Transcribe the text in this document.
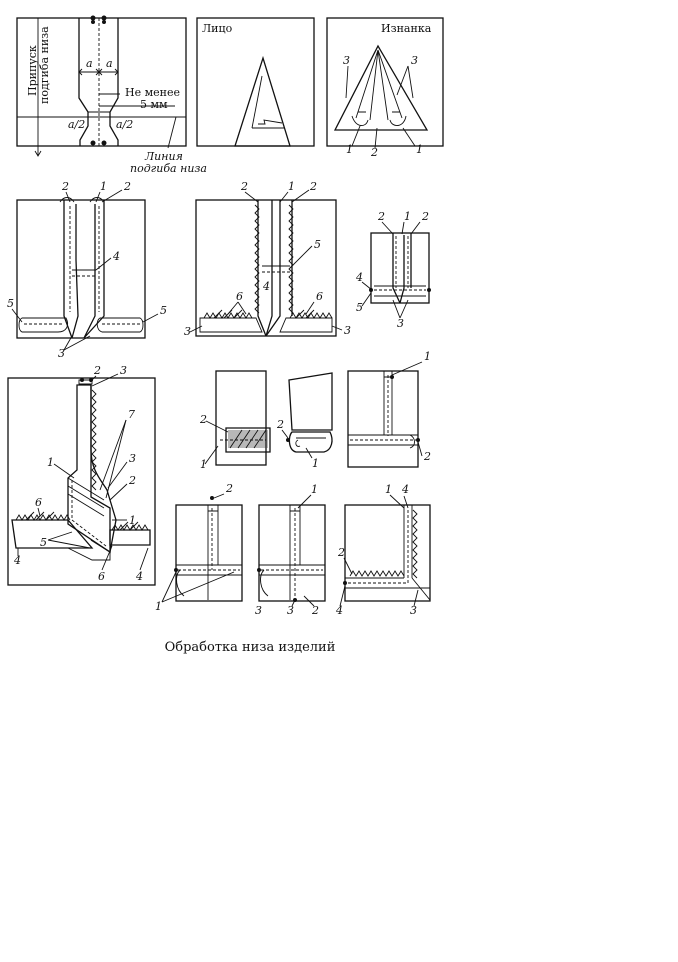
а а
Не менее
5 мм
а/2	а/2
Припуск подгиба низа
Линия
подгиба низа
Лицо	Изнанка
3	3
1 2	1
2	1 2
4
5
5
3
2	1 2
5
4
6	6
3	3
2 1 2
4
5
3
2 3
7
1	3
2
1
6
5
4
6	4
2
1
2
1
1
2
2
1
1
3 3 2
1 4
2
4	3
Обработка низа изделий
